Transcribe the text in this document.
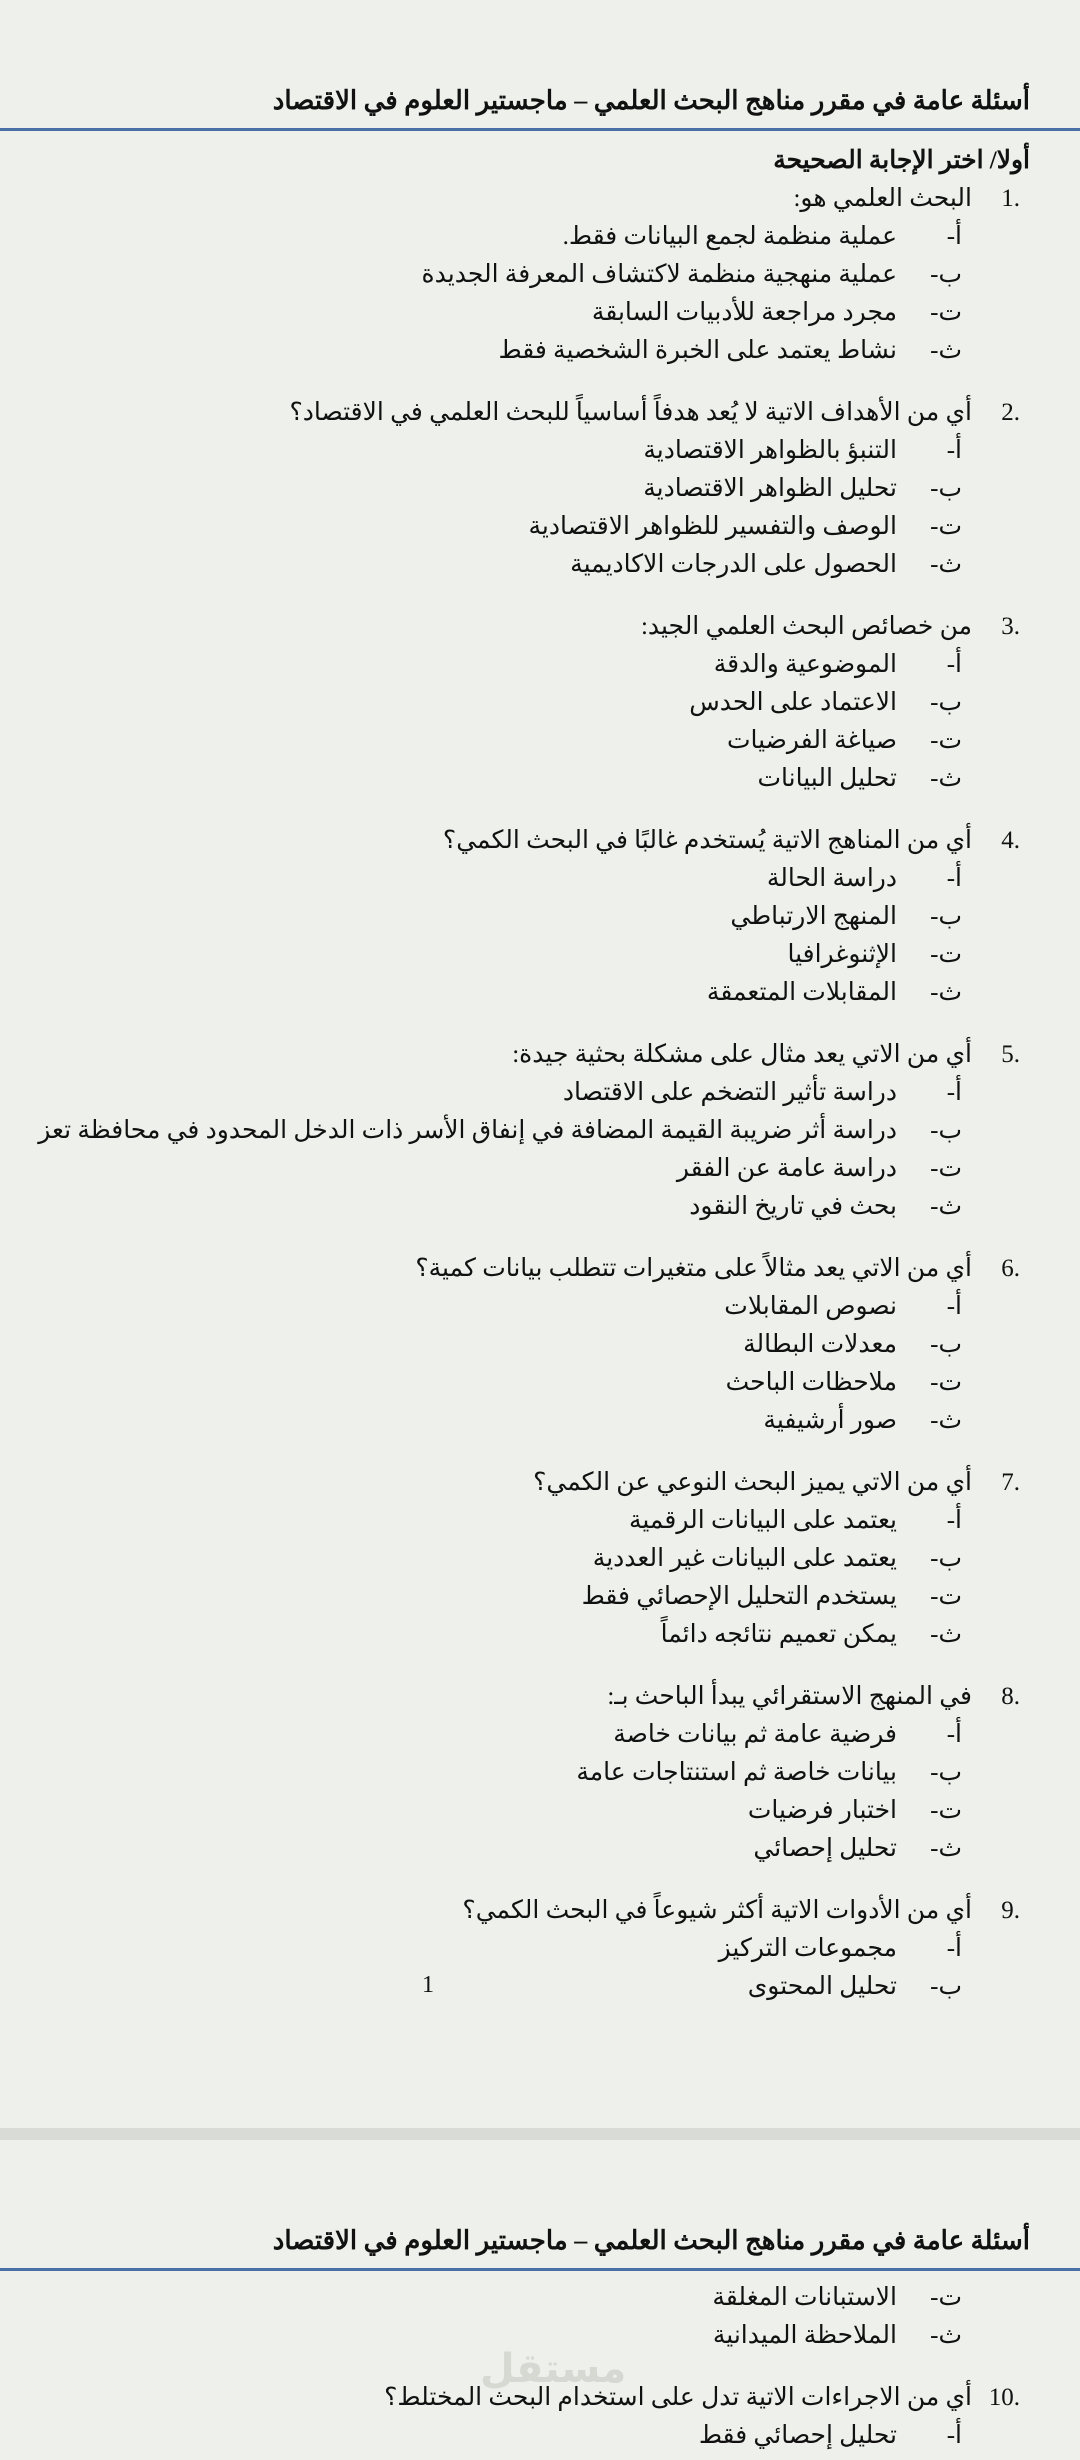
أسئلة عامة في مقرر مناهج البحث العلمي – ماجستير العلوم في الاقتصاد
أولا/ اختر الإجابة الصحيحة
.1
البحث العلمي هو:
أ-
عملية منظمة لجمع البيانات فقط.
ب-
عملية منهجية منظمة لاكتشاف المعرفة الجديدة
ت-
مجرد مراجعة للأدبيات السابقة
ث-
نشاط يعتمد على الخبرة الشخصية فقط
.2
أي من الأهداف الاتية لا يُعد هدفاً أساسياً للبحث العلمي في الاقتصاد؟
أ-
التنبؤ بالظواهر الاقتصادية
ب-
تحليل الظواهر الاقتصادية
ت-
الوصف والتفسير للظواهر الاقتصادية
ث-
الحصول على الدرجات الاكاديمية
.3
من خصائص البحث العلمي الجيد:
أ-
الموضوعية والدقة
ب-
الاعتماد على الحدس
ت-
صياغة الفرضيات
ث-
تحليل البيانات
.4
أي من المناهج الاتية يُستخدم غالبًا في البحث الكمي؟
أ-
دراسة الحالة
ب-
المنهج الارتباطي
ت-
الإثنوغرافيا
ث-
المقابلات المتعمقة
.5
أي من الاتي يعد مثال على مشكلة بحثية جيدة:
أ-
دراسة تأثير التضخم على الاقتصاد
ب-
دراسة أثر ضريبة القيمة المضافة في إنفاق الأسر ذات الدخل المحدود في محافظة تعز
ت-
دراسة عامة عن الفقر
ث-
بحث في تاريخ النقود
.6
أي من الاتي يعد مثالاً على متغيرات تتطلب بيانات كمية؟
أ-
نصوص المقابلات
ب-
معدلات البطالة
ت-
ملاحظات الباحث
ث-
صور أرشيفية
.7
أي من الاتي يميز البحث النوعي عن الكمي؟
أ-
يعتمد على البيانات الرقمية
ب-
يعتمد على البيانات غير العددية
ت-
يستخدم التحليل الإحصائي فقط
ث-
يمكن تعميم نتائجه دائماً
.8
في المنهج الاستقرائي يبدأ الباحث بـ:
أ-
فرضية عامة ثم بيانات خاصة
ب-
بيانات خاصة ثم استنتاجات عامة
ت-
اختبار فرضيات
ث-
تحليل إحصائي
.9
أي من الأدوات الاتية أكثر شيوعاً في البحث الكمي؟
أ-
مجموعات التركيز
ب-
تحليل المحتوى
1
أسئلة عامة في مقرر مناهج البحث العلمي – ماجستير العلوم في الاقتصاد
ت-
الاستبانات المغلقة
ث-
الملاحظة الميدانية
.10
أي من الاجراءات الاتية تدل على استخدام البحث المختلط؟
أ-
تحليل إحصائي فقط
مستقل
